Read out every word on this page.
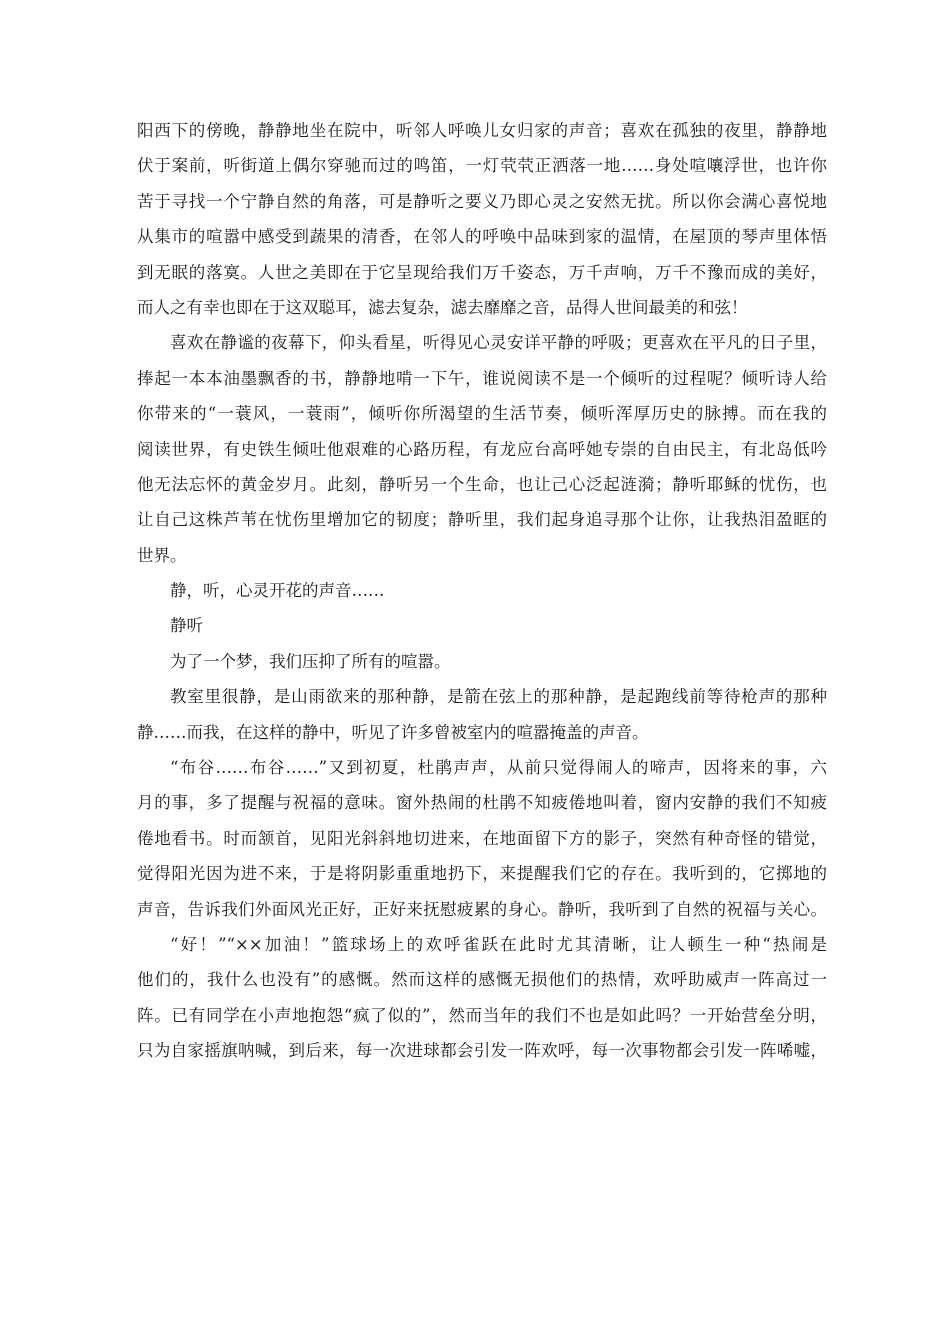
阳西下的傍晚，静静地坐在院中，听邻人呼唤儿女归家的声音；喜欢在孤独的夜里，静静地
伏于案前，听街道上偶尔穿驰而过的鸣笛，一灯茕茕正洒落一地……身处喧嚷浮世，也许你
苦于寻找一个宁静自然的角落，可是静听之要义乃即心灵之安然无扰。所以你会满心喜悦地
从集市的喧嚣中感受到蔬果的清香，在邻人的呼唤中品味到家的温情，在屋顶的琴声里体悟
到无眠的落寞。人世之美即在于它呈现给我们万千姿态，万千声响，万千不豫而成的美好，
而人之有幸也即在于这双聪耳，滤去复杂，滤去靡靡之音，品得人世间最美的和弦！
喜欢在静谧的夜幕下，仰头看星，听得见心灵安详平静的呼吸；更喜欢在平凡的日子里，
捧起一本本油墨飘香的书，静静地啃一下午，谁说阅读不是一个倾听的过程呢？倾听诗人给
你带来的“一蓑风，一蓑雨”，倾听你所渴望的生活节奏，倾听浑厚历史的脉搏。而在我的
阅读世界，有史铁生倾吐他艰难的心路历程，有龙应台高呼她专崇的自由民主，有北岛低吟
他无法忘怀的黄金岁月。此刻，静听另一个生命，也让己心泛起涟漪；静听耶稣的忧伤，也
让自己这株芦苇在忧伤里增加它的韧度；静听里，我们起身追寻那个让你，让我热泪盈眶的
世界。
静，听，心灵开花的声音……
静听
为了一个梦，我们压抑了所有的喧嚣。
教室里很静，是山雨欲来的那种静，是箭在弦上的那种静，是起跑线前等待枪声的那种
静……而我，在这样的静中，听见了许多曾被室内的喧嚣掩盖的声音。
“布谷……布谷……”又到初夏，杜鹃声声，从前只觉得闹人的啼声，因将来的事，六
月的事，多了提醒与祝福的意味。窗外热闹的杜鹃不知疲倦地叫着，窗内安静的我们不知疲
倦地看书。时而颔首，见阳光斜斜地切进来，在地面留下方的影子，突然有种奇怪的错觉，
觉得阳光因为进不来，于是将阴影重重地扔下，来提醒我们它的存在。我听到的，它掷地的
声音，告诉我们外面风光正好，正好来抚慰疲累的身心。静听，我听到了自然的祝福与关心。
“好！”“××加油！”篮球场上的欢呼雀跃在此时尤其清晰，让人顿生一种“热闹是
他们的，我什么也没有”的感慨。然而这样的感慨无损他们的热情，欢呼助威声一阵高过一
阵。已有同学在小声地抱怨“疯了似的”，然而当年的我们不也是如此吗？一开始营垒分明，
只为自家摇旗呐喊，到后来，每一次进球都会引发一阵欢呼，每一次事物都会引发一阵唏嘘，
